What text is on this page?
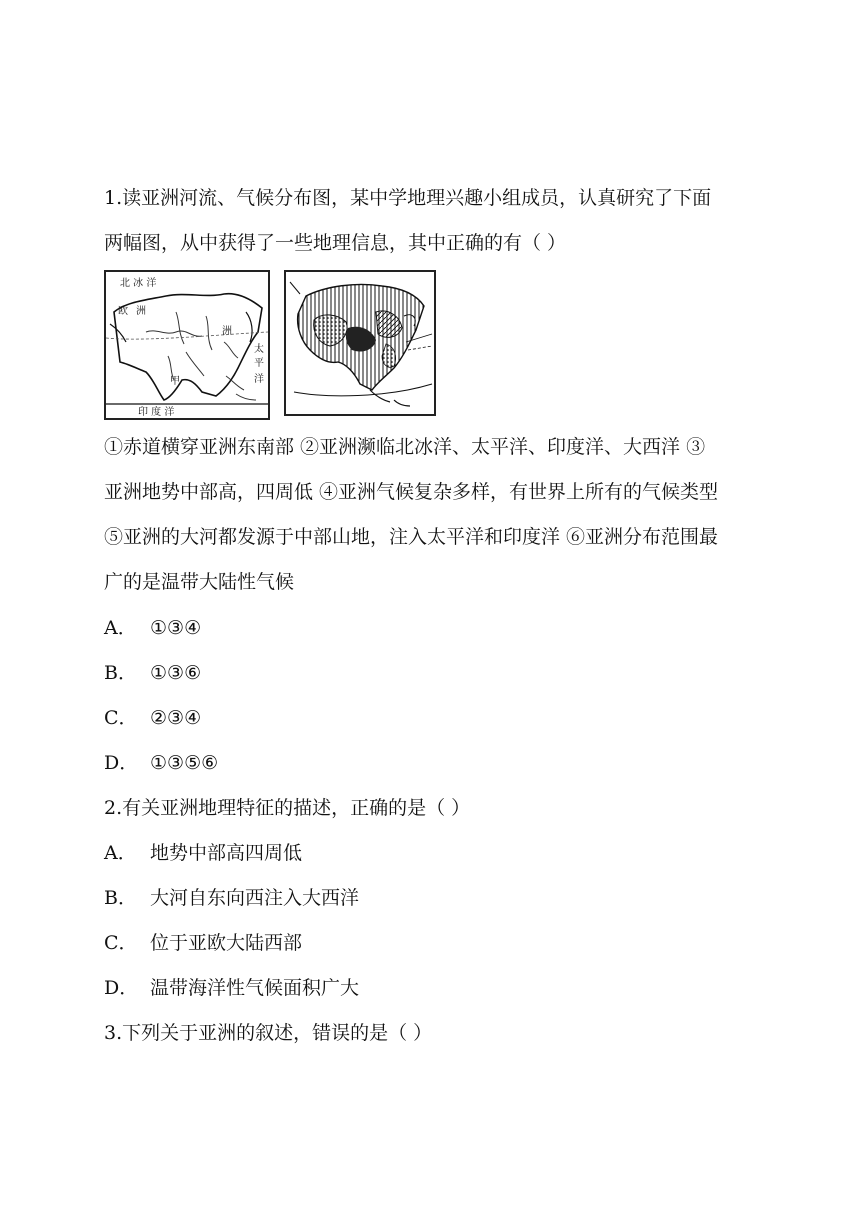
1.读亚洲河流、气候分布图，某中学地理兴趣小组成员，认真研究了下面
两幅图，从中获得了一些地理信息，其中正确的有（ ）
北 冰 洋
欧 洲
甲
洲
太
平
洋
印 度 洋
①赤道横穿亚洲东南部 ②亚洲濒临北冰洋、太平洋、印度洋、大西洋 ③
亚洲地势中部高，四周低 ④亚洲气候复杂多样，有世界上所有的气候类型
⑤亚洲的大河都发源于中部山地，注入太平洋和印度洋 ⑥亚洲分布范围最
广的是温带大陆性气候
A． ①③④
B． ①③⑥
C． ②③④
D． ①③⑤⑥
2.有关亚洲地理特征的描述，正确的是（ ）
A． 地势中部高四周低
B． 大河自东向西注入大西洋
C． 位于亚欧大陆西部
D． 温带海洋性气候面积广大
3.下列关于亚洲的叙述，错误的是（ ）
